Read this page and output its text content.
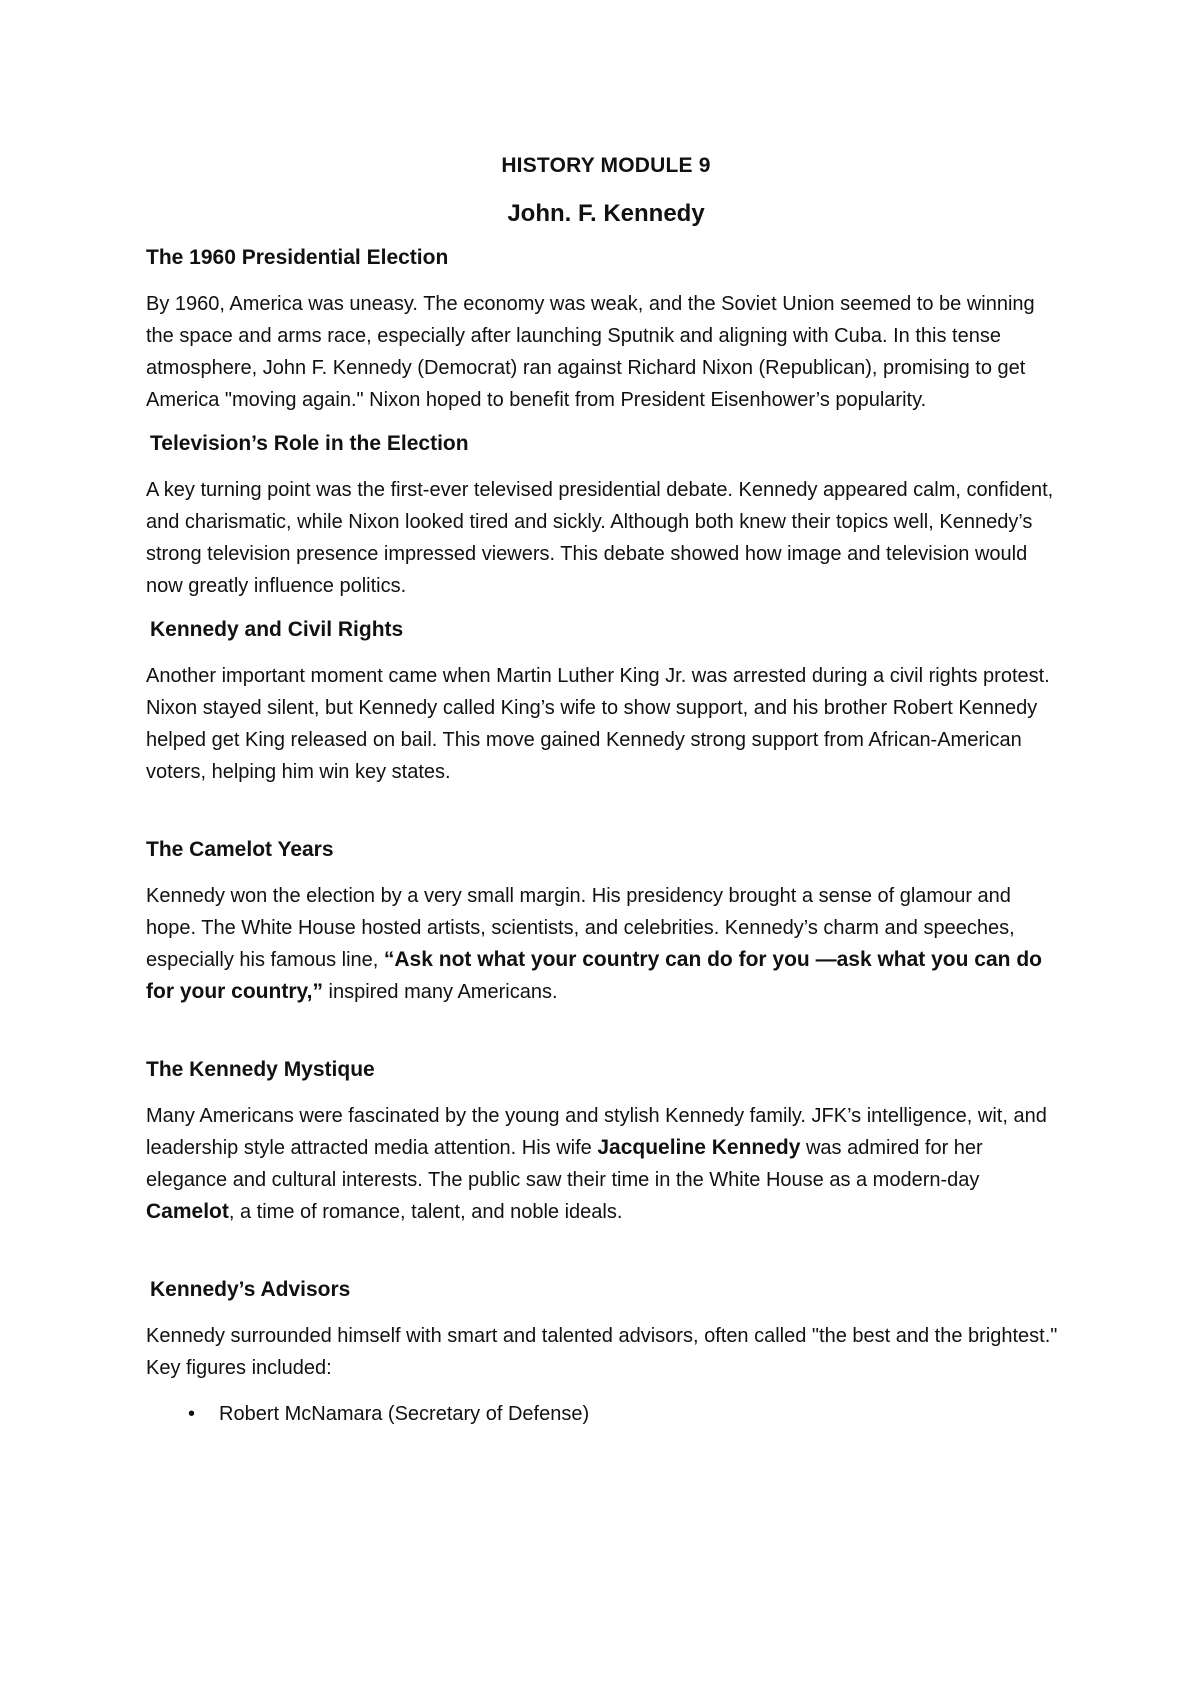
HISTORY MODULE 9
John. F. Kennedy
The 1960 Presidential Election

By 1960, America was uneasy. The economy was weak, and the Soviet Union seemed to be winning the space and arms race, especially after launching Sputnik and aligning with Cuba. In this tense atmosphere, John F. Kennedy (Democrat) ran against Richard Nixon (Republican), promising to get America "moving again." Nixon hoped to benefit from President Eisenhower’s popularity.

Television’s Role in the Election

A key turning point was the first-ever televised presidential debate. Kennedy appeared calm, confident, and charismatic, while Nixon looked tired and sickly. Although both knew their topics well, Kennedy’s strong television presence impressed viewers. This debate showed how image and television would now greatly influence politics.

Kennedy and Civil Rights

Another important moment came when Martin Luther King Jr. was arrested during a civil rights protest. Nixon stayed silent, but Kennedy called King’s wife to show support, and his brother Robert Kennedy helped get King released on bail. This move gained Kennedy strong support from African-American voters, helping him win key states.

The Camelot Years

Kennedy won the election by a very small margin. His presidency brought a sense of glamour and hope. The White House hosted artists, scientists, and celebrities. Kennedy’s charm and speeches, especially his famous line, “Ask not what your country can do for you —ask what you can do for your country,” inspired many Americans.

The Kennedy Mystique

Many Americans were fascinated by the young and stylish Kennedy family. JFK’s intelligence, wit, and leadership style attracted media attention. His wife Jacqueline Kennedy was admired for her elegance and cultural interests. The public saw their time in the White House as a modern-day Camelot, a time of romance, talent, and noble ideals.

Kennedy’s Advisors

Kennedy surrounded himself with smart and talented advisors, often called "the best and the brightest." Key figures included:

• Robert McNamara (Secretary of Defense)
